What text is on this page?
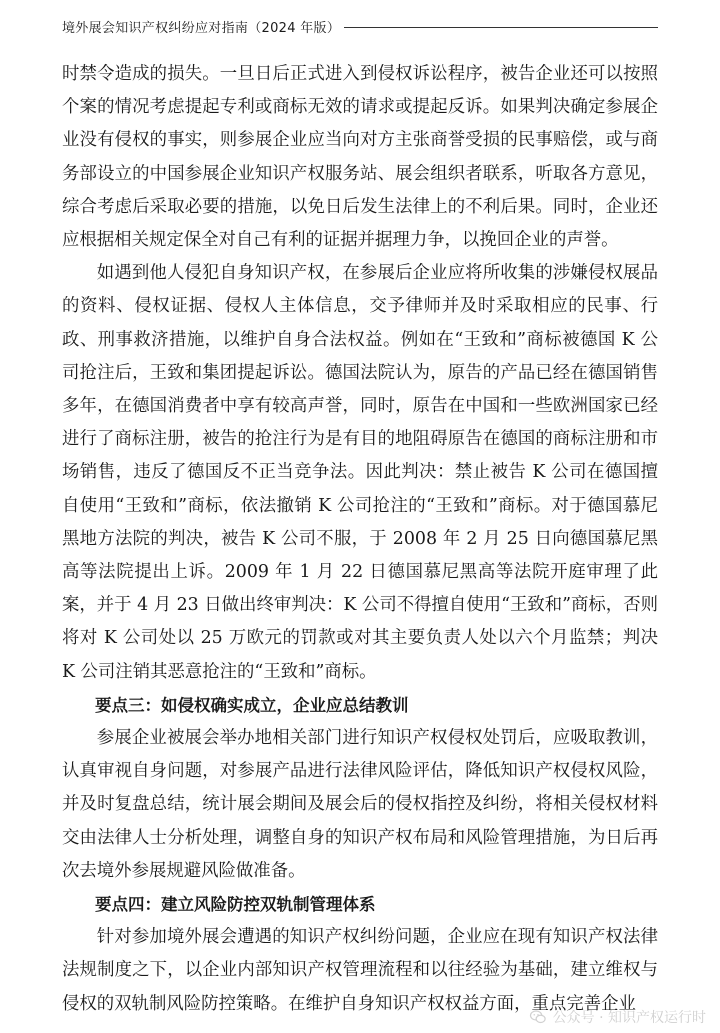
境外展会知识产权纠纷应对指南（2024 年版）

时禁令造成的损失。一旦日后正式进入到侵权诉讼程序，被告企业还可以按照个案的情况考虑提起专利或商标无效的请求或提起反诉。如果判决确定参展企业没有侵权的事实，则参展企业应当向对方主张商誉受损的民事赔偿，或与商务部设立的中国参展企业知识产权服务站、展会组织者联系，听取各方意见，综合考虑后采取必要的措施，以免日后发生法律上的不利后果。同时，企业还应根据相关规定保全对自己有利的证据并据理力争，以挽回企业的声誉。

如遇到他人侵犯自身知识产权，在参展后企业应将所收集的涉嫌侵权展品的资料、侵权证据、侵权人主体信息，交予律师并及时采取相应的民事、行政、刑事救济措施，以维护自身合法权益。例如在“王致和”商标被德国 K 公司抢注后，王致和集团提起诉讼。德国法院认为，原告的产品已经在德国销售多年，在德国消费者中享有较高声誉，同时，原告在中国和一些欧洲国家已经进行了商标注册，被告的抢注行为是有目的地阻碍原告在德国的商标注册和市场销售，违反了德国反不正当竞争法。因此判决：禁止被告 K 公司在德国擅自使用“王致和”商标，依法撤销 K 公司抢注的“王致和”商标。对于德国慕尼黑地方法院的判决，被告 K 公司不服，于 2008 年 2 月 25 日向德国慕尼黑高等法院提出上诉。2009 年 1 月 22 日德国慕尼黑高等法院开庭审理了此案，并于 4 月 23 日做出终审判决：K 公司不得擅自使用“王致和”商标，否则将对 K 公司处以 25 万欧元的罚款或对其主要负责人处以六个月监禁；判决 K 公司注销其恶意抢注的“王致和”商标。

要点三：如侵权确实成立，企业应总结教训

参展企业被展会举办地相关部门进行知识产权侵权处罚后，应吸取教训，认真审视自身问题，对参展产品进行法律风险评估，降低知识产权侵权风险，并及时复盘总结，统计展会期间及展会后的侵权指控及纠纷，将相关侵权材料交由法律人士分析处理，调整自身的知识产权布局和风险管理措施，为日后再次去境外参展规避风险做准备。

要点四：建立风险防控双轨制管理体系

针对参加境外展会遭遇的知识产权纠纷问题，企业应在现有知识产权法律法规制度之下，以企业内部知识产权管理流程和以往经验为基础，建立维权与侵权的双轨制风险防控策略。在维护自身知识产权权益方面，重点完善企业

公众号 · 知识产权运行时
